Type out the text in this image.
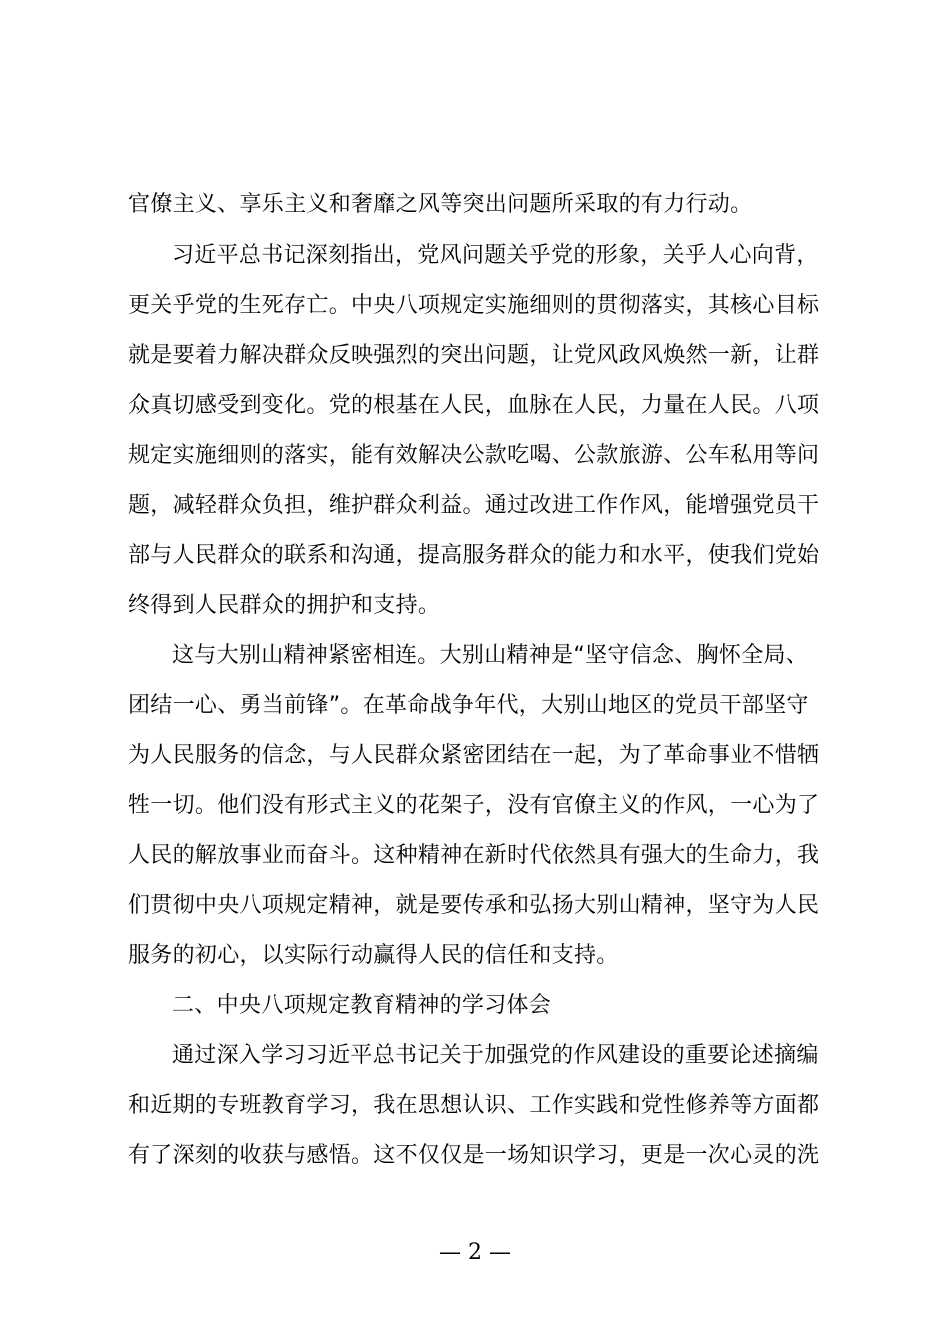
官僚主义、享乐主义和奢靡之风等突出问题所采取的有力行动。
习近平总书记深刻指出，党风问题关乎党的形象，关乎人心向背，
更关乎党的生死存亡。中央八项规定实施细则的贯彻落实，其核心目标
就是要着力解决群众反映强烈的突出问题，让党风政风焕然一新，让群
众真切感受到变化。党的根基在人民，血脉在人民，力量在人民。八项
规定实施细则的落实，能有效解决公款吃喝、公款旅游、公车私用等问
题，减轻群众负担，维护群众利益。通过改进工作作风，能增强党员干
部与人民群众的联系和沟通，提高服务群众的能力和水平，使我们党始
终得到人民群众的拥护和支持。
这与大别山精神紧密相连。大别山精神是“坚守信念、胸怀全局、
团结一心、勇当前锋”。在革命战争年代，大别山地区的党员干部坚守
为人民服务的信念，与人民群众紧密团结在一起，为了革命事业不惜牺
牲一切。他们没有形式主义的花架子，没有官僚主义的作风，一心为了
人民的解放事业而奋斗。这种精神在新时代依然具有强大的生命力，我
们贯彻中央八项规定精神，就是要传承和弘扬大别山精神，坚守为人民
服务的初心，以实际行动赢得人民的信任和支持。
二、中央八项规定教育精神的学习体会
通过深入学习习近平总书记关于加强党的作风建设的重要论述摘编
和近期的专班教育学习，我在思想认识、工作实践和党性修养等方面都
有了深刻的收获与感悟。这不仅仅是一场知识学习，更是一次心灵的洗
— 2 —
